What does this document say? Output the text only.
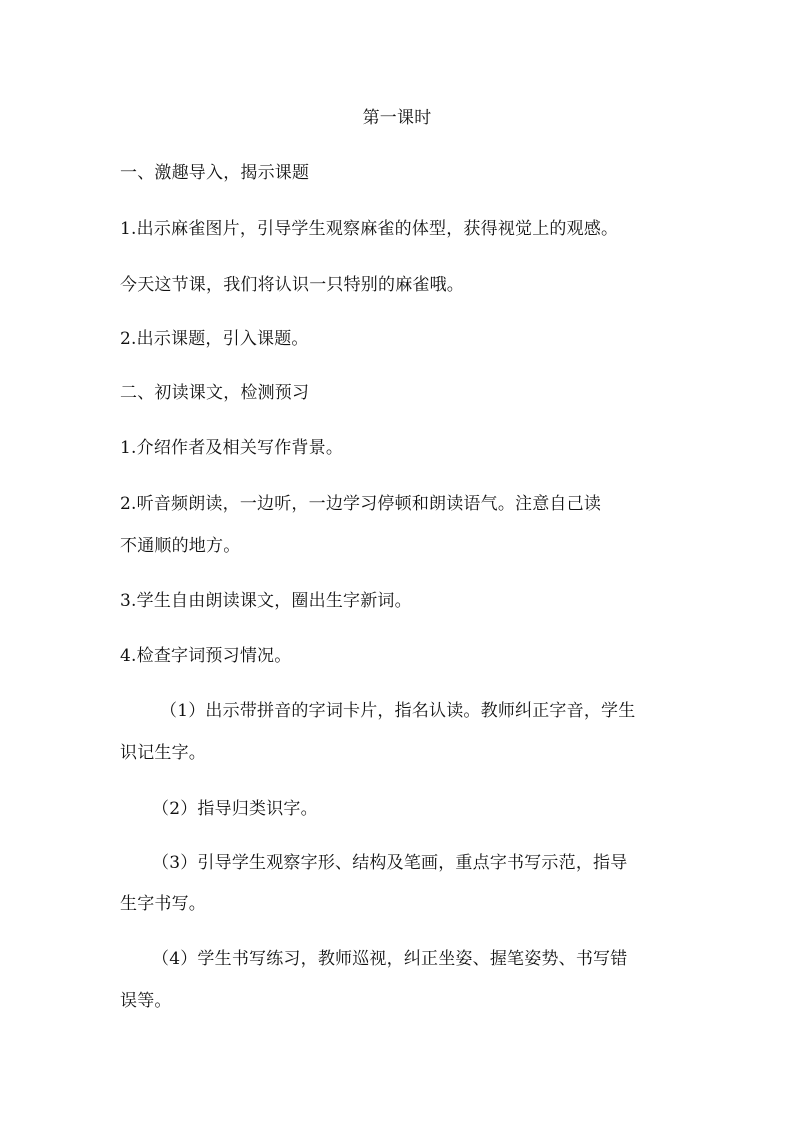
第一课时
一、激趣导入，揭示课题
1.出示麻雀图片，引导学生观察麻雀的体型，获得视觉上的观感。
今天这节课，我们将认识一只特别的麻雀哦。
2.出示课题，引入课题。
二、初读课文，检测预习
1.介绍作者及相关写作背景。
2.听音频朗读，一边听，一边学习停顿和朗读语气。注意自己读
不通顺的地方。
3.学生自由朗读课文，圈出生字新词。
4.检查字词预习情况。
（1）出示带拼音的字词卡片，指名认读。教师纠正字音，学生
识记生字。
（2）指导归类识字。
（3）引导学生观察字形、结构及笔画，重点字书写示范，指导
生字书写。
（4）学生书写练习，教师巡视，纠正坐姿、握笔姿势、书写错
误等。
